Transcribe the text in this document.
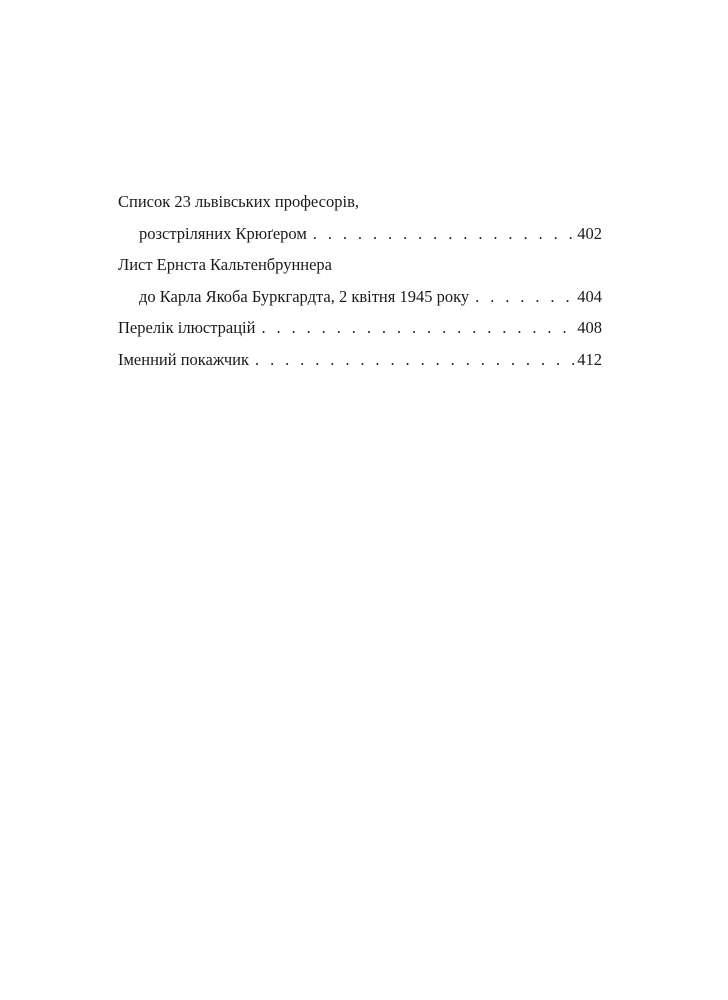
Список 23 львівських професорів,
розстріляних Крюґером . . .	402
Лист Ернста Кальтенбруннера
до Карла Якоба Буркгардта, 2 квітня 1945 року . . .	404
Перелік ілюстрацій . . .	408
Іменний покажчик . . .	412
